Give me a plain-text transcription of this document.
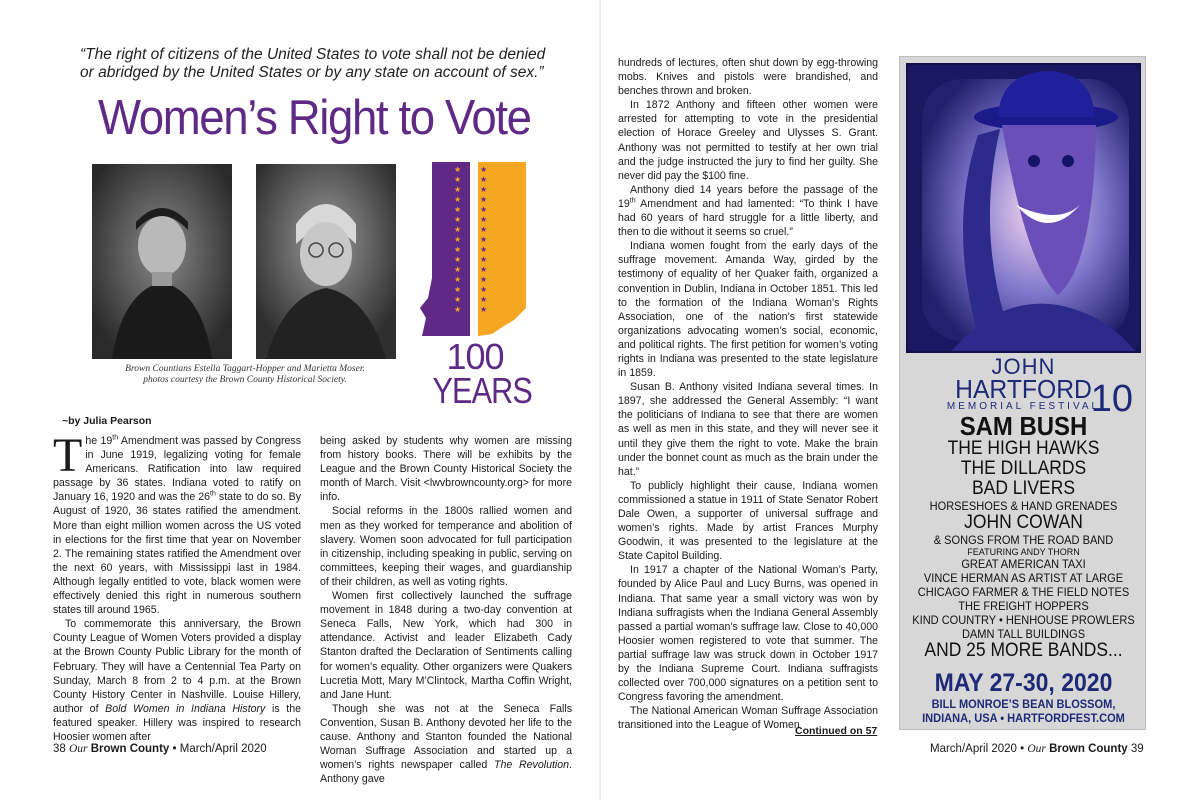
“The right of citizens of the United States to vote shall not be denied or abridged by the United States or by any state on account of sex.”
Women’s Right to Vote
Brown Countians Estella Taggart-Hopper and Marietta Moser.
photos courtesy the Brown County Historical Society.
★
★
★
★
★
★
★
★
★
★
★
★
★
★
★
★
★
★
★
★
★
★
★
★
★
★
★
★
★
★
100
YEARS
~by Julia Pearson

The 19th Amendment was passed by Congress in June 1919, legalizing voting for female Americans. Ratification into law required passage by 36 states. Indiana voted to ratify on January 16, 1920 and was the 26th state to do so. By August of 1920, 36 states ratified the amendment. More than eight million women across the US voted in elections for the first time that year on November 2. The remaining states ratified the Amendment over the next 60 years, with Mississippi last in 1984. Although legally entitled to vote, black women were effectively denied this right in numerous southern states till around 1965.

To commemorate this anniversary, the Brown County League of Women Voters provided a display at the Brown County Public Library for the month of February. They will have a Centennial Tea Party on Sunday, March 8 from 2 to 4 p.m. at the Brown County History Center in Nashville. Louise Hillery, author of Bold Women in Indiana History is the featured speaker. Hillery was inspired to research Hoosier women after

being asked by students why women are missing from history books. There will be exhibits by the League and the Brown County Historical Society the month of March. Visit <lwvbrowncounty.org> for more info.

Social reforms in the 1800s rallied women and men as they worked for temperance and abolition of slavery. Women soon advocated for full participation in citizenship, including speaking in public, serving on committees, keeping their wages, and guardianship of their children, as well as voting rights.

Women first collectively launched the suffrage movement in 1848 during a two-day convention at Seneca Falls, New York, which had 300 in attendance. Activist and leader Elizabeth Cady Stanton drafted the Declaration of Sentiments calling for women’s equality. Other organizers were Quakers Lucretia Mott, Mary M’Clintock, Martha Coffin Wright, and Jane Hunt.

Though she was not at the Seneca Falls Convention, Susan B. Anthony devoted her life to the cause. Anthony and Stanton founded the National Woman Suffrage Association and started up a women’s rights newspaper called The Revolution. Anthony gave

38 Our Brown County • March/April 2020

hundreds of lectures, often shut down by egg-throwing mobs. Knives and pistols were brandished, and benches thrown and broken.

In 1872 Anthony and fifteen other women were arrested for attempting to vote in the presidential election of Horace Greeley and Ulysses S. Grant. Anthony was not permitted to testify at her own trial and the judge instructed the jury to find her guilty. She never did pay the $100 fine.

Anthony died 14 years before the passage of the 19th Amendment and had lamented: “To think I have had 60 years of hard struggle for a little liberty, and then to die without it seems so cruel.”

Indiana women fought from the early days of the suffrage movement. Amanda Way, girded by the testimony of equality of her Quaker faith, organized a convention in Dublin, Indiana in October 1851. This led to the formation of the Indiana Woman’s Rights Association, one of the nation’s first statewide organizations advocating women’s social, economic, and political rights. The first petition for women’s voting rights in Indiana was presented to the state legislature in 1859.

Susan B. Anthony visited Indiana several times. In 1897, she addressed the General Assembly: “I want the politicians of Indiana to see that there are women as well as men in this state, and they will never see it until they give them the right to vote. Make the brain under the bonnet count as much as the brain under the hat.”

To publicly highlight their cause, Indiana women commissioned a statue in 1911 of State Senator Robert Dale Owen, a supporter of universal suffrage and women’s rights. Made by artist Frances Murphy Goodwin, it was presented to the legislature at the State Capitol Building.

In 1917 a chapter of the National Woman’s Party, founded by Alice Paul and Lucy Burns, was opened in Indiana. That same year a small victory was won by Indiana suffragists when the Indiana General Assembly passed a partial woman’s suffrage law. Close to 40,000 Hoosier women registered to vote that summer. The partial suffrage law was struck down in October 1917 by the Indiana Supreme Court. Indiana suffragists collected over 700,000 signatures on a petition sent to Congress favoring the amendment.

The National American Woman Suffrage Association transitioned into the League of Women

Continued on 57
March/April 2020 • Our Brown County 39
JOHN
HARTFORD
MEMORIAL FESTIVAL
10
SAM BUSH
THE HIGH HAWKS
THE DILLARDS
BAD LIVERS
HORSESHOES & HAND GRENADES
JOHN COWAN
& SONGS FROM THE ROAD BAND
FEATURING ANDY THORN
GREAT AMERICAN TAXI
VINCE HERMAN AS ARTIST AT LARGE
CHICAGO FARMER & THE FIELD NOTES
THE FREIGHT HOPPERS
KIND COUNTRY • HENHOUSE PROWLERS
DAMN TALL BUILDINGS
AND 25 MORE BANDS...
MAY 27-30, 2020
BILL MONROE’S BEAN BLOSSOM,
INDIANA, USA • HARTFORDFEST.COM
